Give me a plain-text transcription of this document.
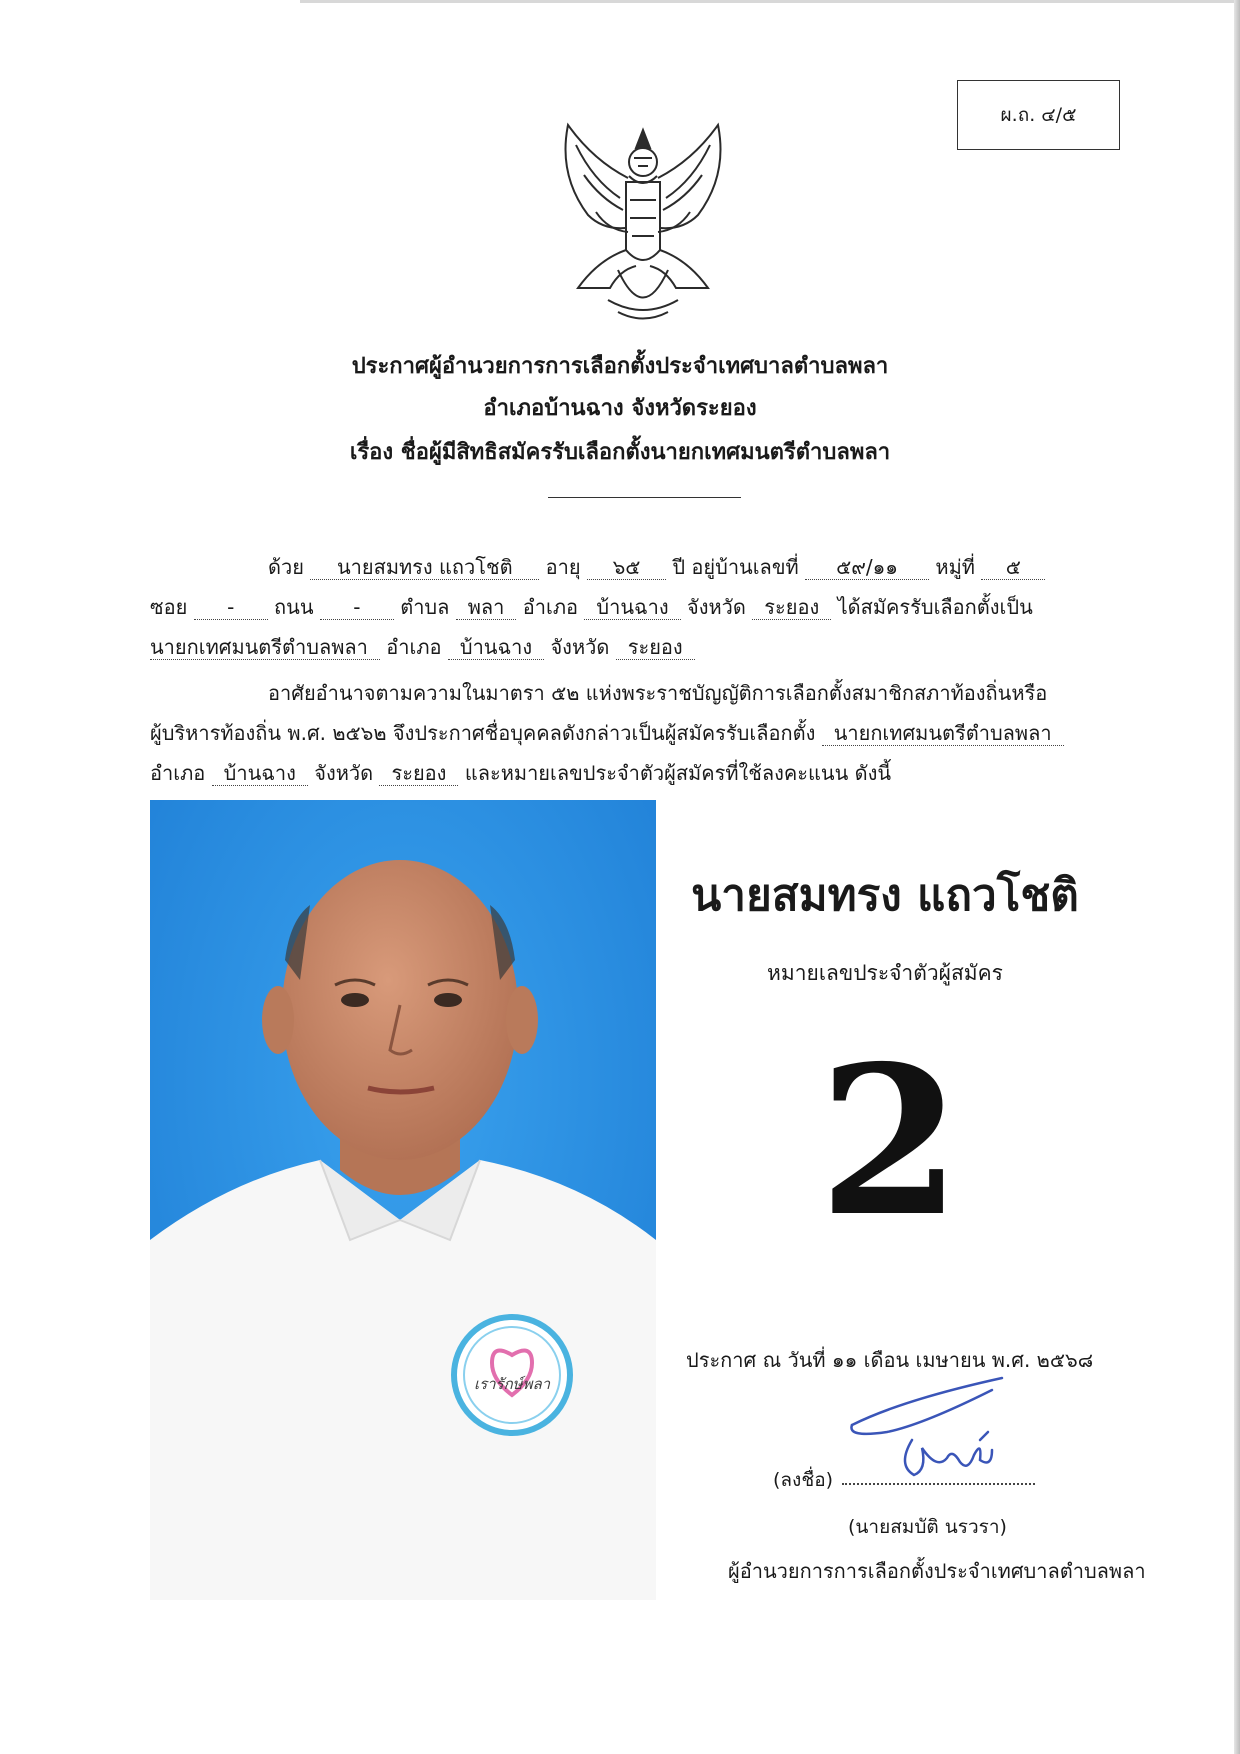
ผ.ถ. ๔/๕
ประกาศผู้อำนวยการการเลือกตั้งประจำเทศบาลตำบลพลา
อำเภอบ้านฉาง จังหวัดระยอง
เรื่อง ชื่อผู้มีสิทธิสมัครรับเลือกตั้งนายกเทศมนตรีตำบลพลา
ด้วย นายสมทรง แถวโชติ อายุ ๖๕ ปี อยู่บ้านเลขที่ ๕๙/๑๑ หมู่ที่ ๕
ซอย - ถนน - ตำบล พลา อำเภอ บ้านฉาง จังหวัด ระยอง ได้สมัครรับเลือกตั้งเป็น
นายกเทศมนตรีตำบลพลา อำเภอ บ้านฉาง จังหวัด ระยอง
อาศัยอำนาจตามความในมาตรา ๕๒ แห่งพระราชบัญญัติการเลือกตั้งสมาชิกสภาท้องถิ่นหรือ
ผู้บริหารท้องถิ่น พ.ศ. ๒๕๖๒ จึงประกาศชื่อบุคคลดังกล่าวเป็นผู้สมัครรับเลือกตั้ง นายกเทศมนตรีตำบลพลา
อำเภอ บ้านฉาง จังหวัด ระยอง และหมายเลขประจำตัวผู้สมัครที่ใช้ลงคะแนน ดังนี้
เรารักษ์พลา
นายสมทรง แถวโชติ
หมายเลขประจำตัวผู้สมัคร
2
ประกาศ ณ วันที่ ๑๑ เดือน เมษายน พ.ศ. ๒๕๖๘
(ลงชื่อ)
(นายสมบัติ นรวรา)
ผู้อำนวยการการเลือกตั้งประจำเทศบาลตำบลพลา
